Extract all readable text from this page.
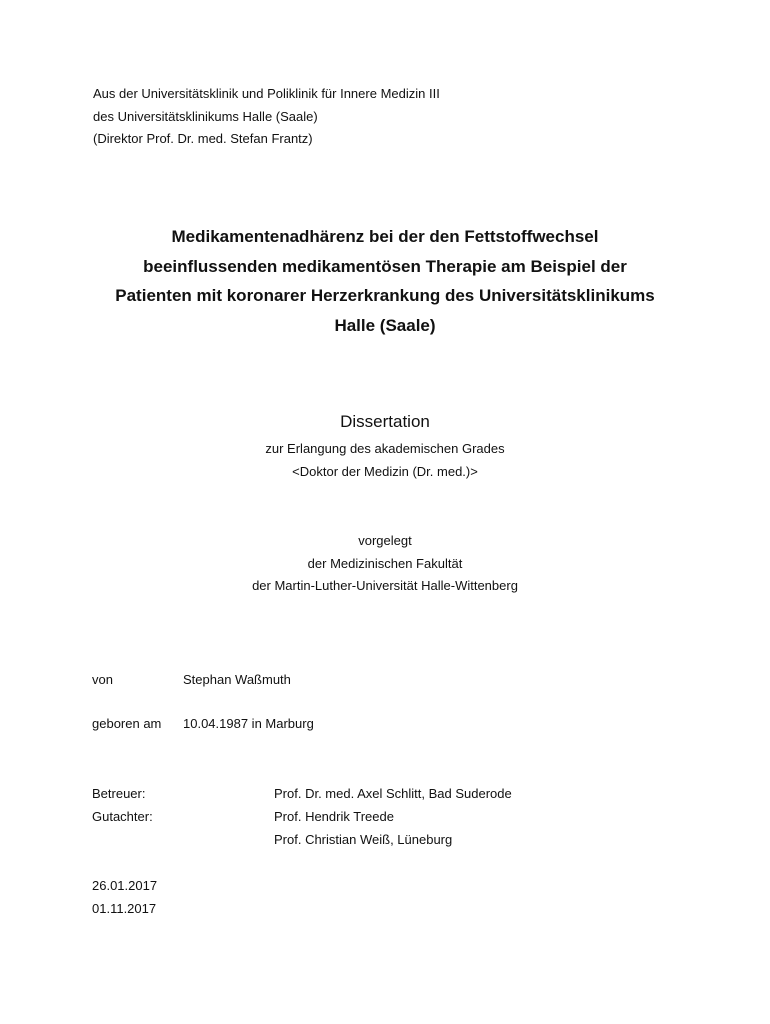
Aus der Universitätsklinik und Poliklinik für Innere Medizin III
des Universitätsklinikums Halle (Saale)
(Direktor Prof. Dr. med. Stefan Frantz)
Medikamentenadhärenz bei der den Fettstoffwechsel
beeinflussenden medikamentösen Therapie am Beispiel der
Patienten mit koronarer Herzerkrankung des Universitätsklinikums
Halle (Saale)
Dissertation
zur Erlangung des akademischen Grades
<Doktor der Medizin (Dr. med.)>
vorgelegt
der Medizinischen Fakultät
der Martin-Luther-Universität Halle-Wittenberg
von	Stephan Waßmuth
geboren am 10.04.1987 in Marburg
Betreuer:	Prof. Dr. med. Axel Schlitt, Bad Suderode
Gutachter:	Prof. Hendrik Treede
Prof. Christian Weiß, Lüneburg
26.01.2017
01.11.2017
